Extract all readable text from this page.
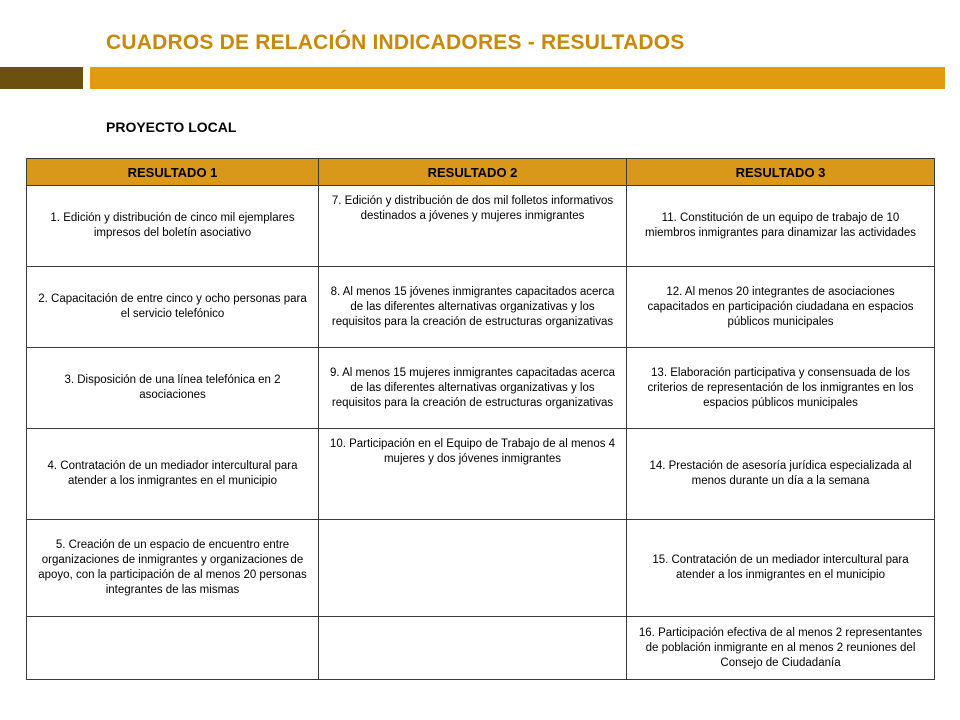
CUADROS DE RELACIÓN INDICADORES - RESULTADOS
PROYECTO LOCAL
RESULTADO 1	RESULTADO 2	RESULTADO 3
1. Edición y distribución de cinco mil ejemplares impresos del boletín asociativo	7. Edición y distribución de dos mil folletos informativos destinados a jóvenes y mujeres inmigrantes	11. Constitución de un equipo de trabajo de 10 miembros inmigrantes para dinamizar las actividades
2. Capacitación de entre cinco y ocho personas para el servicio telefónico	8. Al menos 15 jóvenes inmigrantes capacitados acerca de las diferentes alternativas organizativas y los requisitos para la creación de estructuras organizativas	12. Al menos 20 integrantes de asociaciones capacitados en participación ciudadana en espacios públicos municipales
3. Disposición de una línea telefónica en 2 asociaciones	9. Al menos 15 mujeres inmigrantes capacitadas acerca de las diferentes alternativas organizativas y los requisitos para la creación de estructuras organizativas	13. Elaboración participativa y consensuada de los criterios de representación de los inmigrantes en los espacios públicos municipales
4. Contratación de un mediador intercultural para atender a los inmigrantes en el municipio	10. Participación en el Equipo de Trabajo de al menos 4 mujeres y dos jóvenes inmigrantes	14. Prestación de asesoría jurídica especializada al menos durante un día a la semana
5. Creación de un espacio de encuentro entre organizaciones de inmigrantes y organizaciones de apoyo, con la participación de al menos 20 personas integrantes de las mismas		15. Contratación de un mediador intercultural para atender a los inmigrantes en el municipio
		16. Participación efectiva de al menos 2 representantes de población inmigrante en al menos 2 reuniones del Consejo de Ciudadanía
